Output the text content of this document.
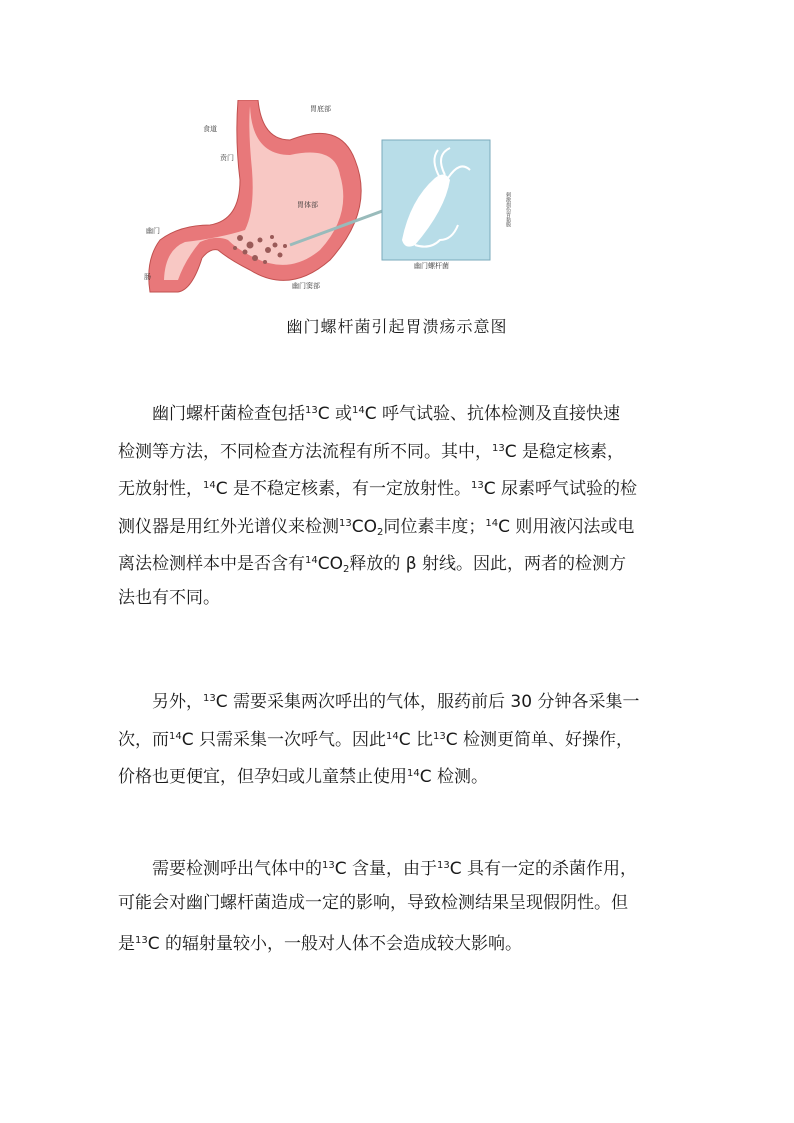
胃底部
食道
贲门
胃体部
幽门
肠
幽门窦部
幽门螺杆菌
刺激损伤胃黏膜
幽门螺杆菌引起胃溃疡示意图
幽门螺杆菌检查包括$^{13}$C 或$^{14}$C 呼气试验、抗体检测及直接快速
检测等方法，不同检查方法流程有所不同。其中，$^{13}$C 是稳定核素，
无放射性，$^{14}$C 是不稳定核素，有一定放射性。$^{13}$C 尿素呼气试验的检
测仪器是用红外光谱仪来检测$^{13}CO_2$同位素丰度；$^{14}$C 则用液闪法或电
离法检测样本中是否含有$^{14}CO_2$释放的 β 射线。因此，两者的检测方
法也有不同。
另外，$^{13}$C 需要采集两次呼出的气体，服药前后 30 分钟各采集一
次，而$^{14}$C 只需采集一次呼气。因此$^{14}$C 比$^{13}$C 检测更简单、好操作，
价格也更便宜，但孕妇或儿童禁止使用$^{14}$C 检测。
需要检测呼出气体中的$^{13}$C 含量，由于$^{13}$C 具有一定的杀菌作用，
可能会对幽门螺杆菌造成一定的影响，导致检测结果呈现假阴性。但
是$^{13}$C 的辐射量较小，一般对人体不会造成较大影响。
